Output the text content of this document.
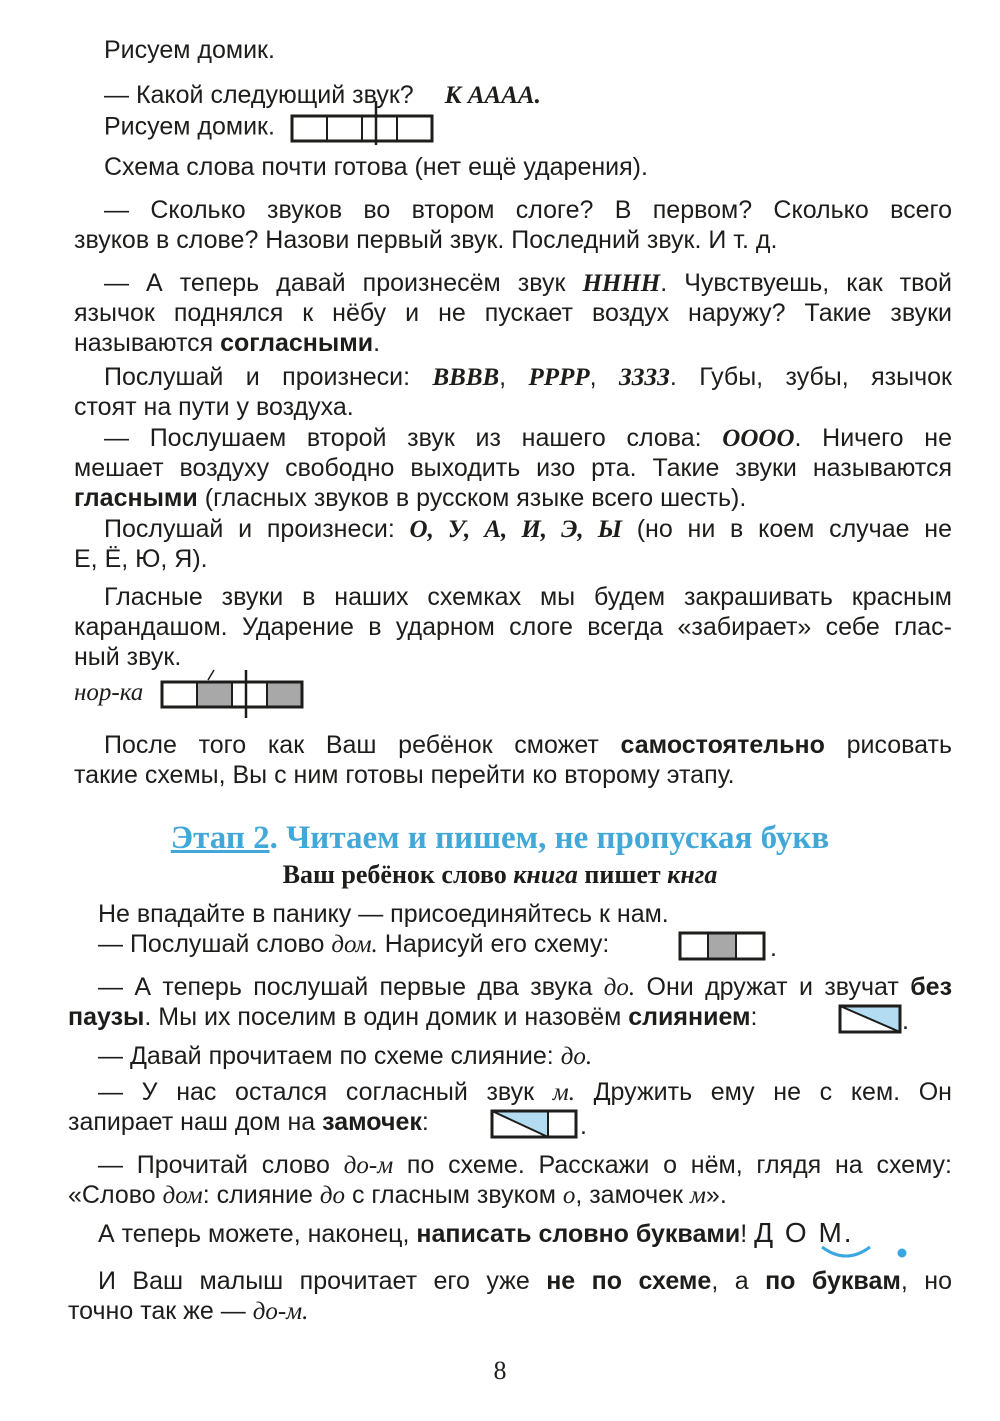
Рисуем домик.

— Какой следующий звук? К АААА.

Рисуем домик.

Схема слова почти готова (нет ещё ударения).

— Сколько звуков во втором слоге? В первом? Сколько всего

звуков в слове? Назови первый звук. Последний звук. И т. д.

— А теперь давай произнесём звук НННН. Чувствуешь, как твой

язычок поднялся к нёбу и не пускает воздух наружу? Такие звуки

называются согласными.

Послушай и произнеси: ВВВВ, РРРР, ЗЗЗЗ. Губы, зубы, язычок

стоят на пути у воздуха.

— Послушаем второй звук из нашего слова: ОООО. Ничего не

мешает воздуху свободно выходить изо рта. Такие звуки называются

гласными (гласных звуков в русском языке всего шесть).

Послушай и произнеси: О, У, А, И, Э, Ы (но ни в коем случае не

Е, Ё, Ю, Я).

Гласные звуки в наших схемках мы будем закрашивать красным

карандашом. Ударение в ударном слоге всегда «забирает» себе глас-

ный звук.

нор-ка

После того как Ваш ребёнок сможет самостоятельно рисовать

такие схемы, Вы с ним готовы перейти ко второму этапу.

Этап 2. Читаем и пишем, не пропуская букв
Ваш ребёнок слово книга пишет кнга

Не впадайте в панику — присоединяйтесь к нам.

— Послушай слово дом. Нарисуй его схему:	.

— А теперь послушай первые два звука до. Они дружат и звучат без

паузы. Мы их поселим в один домик и назовём слиянием:	.

— Давай прочитаем по схеме слияние: до.

— У нас остался согласный звук м. Дружить ему не с кем. Он

запирает наш дом на замочек:	.

— Прочитай слово до-м по схеме. Расскажи о нём, глядя на схему:

«Слово дом: слияние до с гласным звуком о, замочек м».

А теперь можете, наконец, написать словно буквами! Д О М.

И Ваш малыш прочитает его уже не по схеме, а по буквам, но

точно так же — до-м.

8
